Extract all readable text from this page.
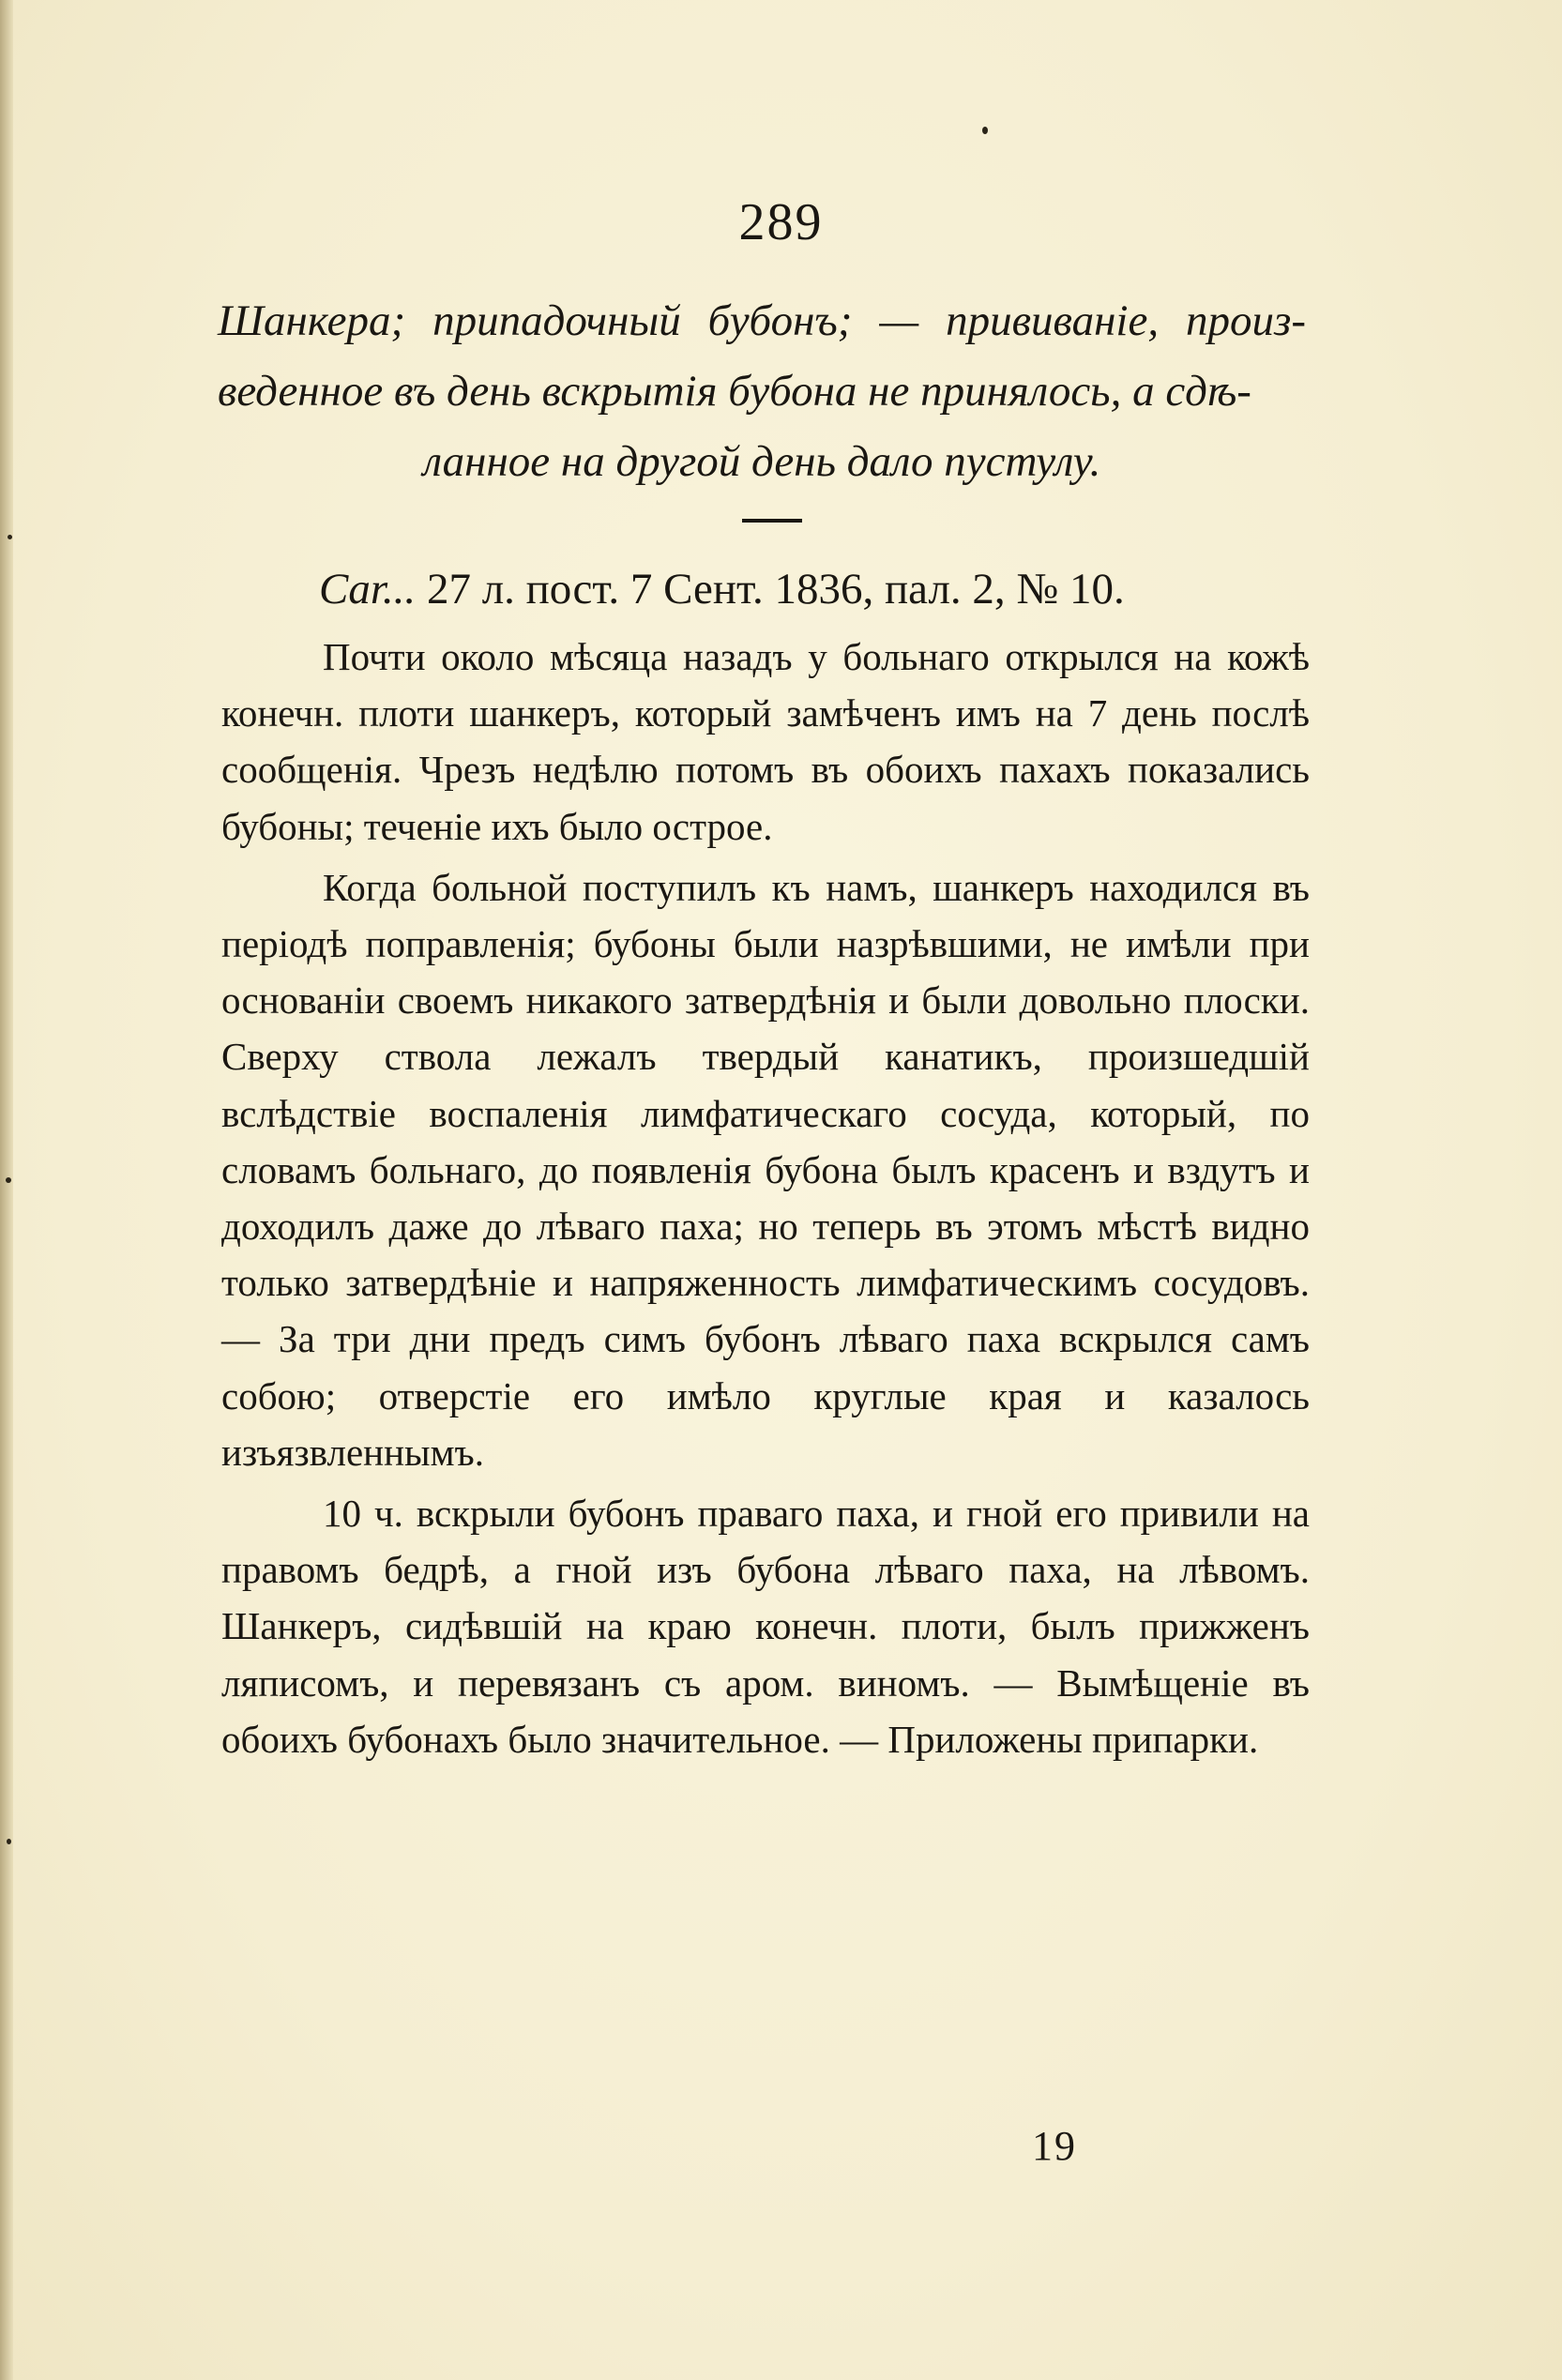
289
Шанкера; припадочный бубонъ; — прививанiе, произ- веденное въ день вскрытiя бубона не принялось, а сдѣ-
ланное на другой день дало пустулу.
Car... 27 л. пост. 7 Сент. 1836, пал. 2, № 10.

Почти около мѣсяца назадъ у больнаго открылся на кожѣ конечн. плоти шанкеръ, который замѣченъ имъ на 7 день послѣ сообщенiя. Чрезъ недѣлю потомъ въ обоихъ пахахъ показались бубоны; теченiе ихъ было острое.

Когда больной поступилъ къ намъ, шанкеръ находился въ перiодѣ поправленiя; бубоны были назрѣвшими, не имѣли при основанiи своемъ никакого затвердѣнiя и были довольно плоски. Сверху ствола лежалъ твердый канатикъ, произшедшiй вслѣдствiе воспаленiя лимфатическаго сосуда, который, по словамъ больнаго, до появленiя бубона былъ красенъ и вздутъ и доходилъ даже до лѣваго паха; но теперь въ этомъ мѣстѣ видно только затвердѣнiе и напряженность лимфатическимъ сосудовъ. — За три дни предъ симъ бубонъ лѣваго паха вскрылся самъ собою; отверстiе его имѣло круглые края и казалось изъязвленнымъ.

10 ч. вскрыли бубонъ праваго паха, и гной его привили на правомъ бедрѣ, а гной изъ бубона лѣваго паха, на лѣвомъ. Шанкеръ, сидѣвшiй на краю конечн. плоти, былъ прижженъ ляписомъ, и перевязанъ съ аром. виномъ. — Вымѣщенiе въ обоихъ бубонахъ было значительное. — Приложены припарки.

19
